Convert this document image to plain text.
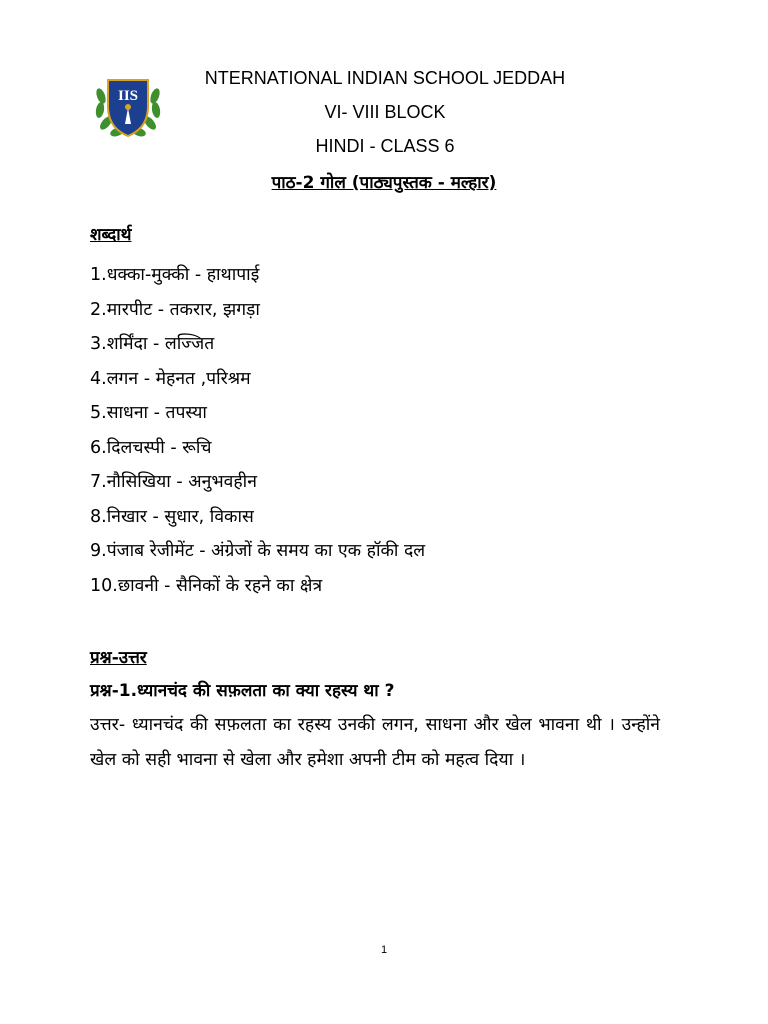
IIS
NTERNATIONAL INDIAN SCHOOL JEDDAH
VI- VIII BLOCK
HINDI - CLASS 6
पाठ-2 गोल (पाठ्यपुस्तक - मल्हार)
शब्दार्थ
1.धक्का-मुक्की - हाथापाई
2.मारपीट - तकरार, झगड़ा
3.शर्मिंदा - लज्जित
4.लगन - मेहनत ,परिश्रम
5.साधना - तपस्या
6.दिलचस्पी - रूचि
7.नौसिखिया - अनुभवहीन
8.निखार - सुधार, विकास
9.पंजाब रेजीमेंट - अंग्रेजों के समय का एक हॉकी दल
10.छावनी - सैनिकों के रहने का क्षेत्र
प्रश्न-उत्तर
प्रश्न-1.ध्यानचंद की सफ़लता का क्या रहस्य था ?
उत्तर- ध्यानचंद की सफ़लता का रहस्य उनकी लगन, साधना और खेल भावना थी । उन्होंने खेल को सही भावना से खेला और हमेशा अपनी टीम को महत्व दिया ।
1
